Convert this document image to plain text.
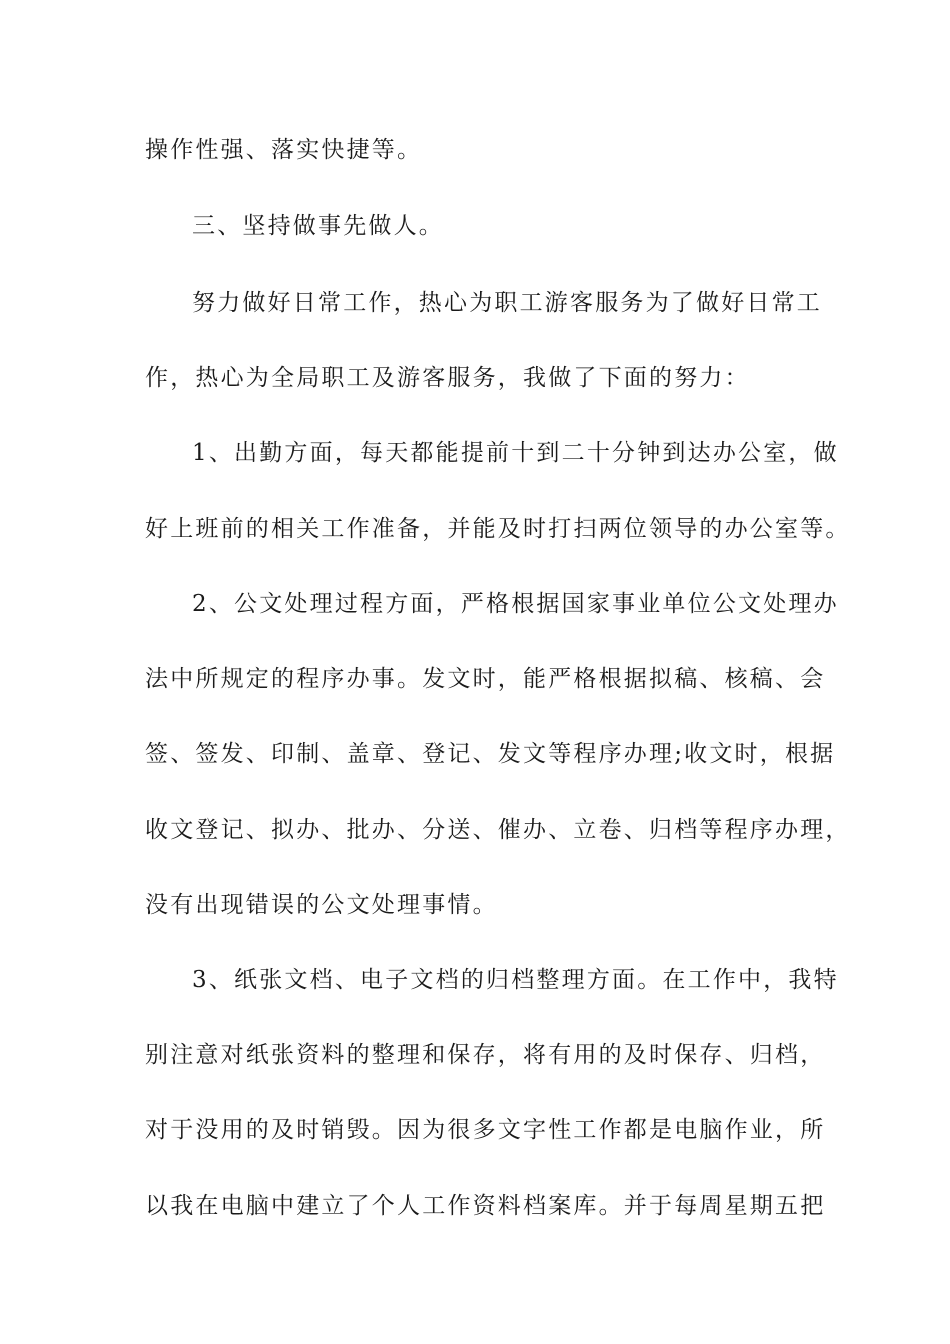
操作性强、落实快捷等。
三、坚持做事先做人。
努力做好日常工作，热心为职工游客服务为了做好日常工
作，热心为全局职工及游客服务，我做了下面的努力：
1、出勤方面，每天都能提前十到二十分钟到达办公室，做
好上班前的相关工作准备，并能及时打扫两位领导的办公室等。
2、公文处理过程方面，严格根据国家事业单位公文处理办
法中所规定的程序办事。发文时，能严格根据拟稿、核稿、会
签、签发、印制、盖章、登记、发文等程序办理;收文时，根据
收文登记、拟办、批办、分送、催办、立卷、归档等程序办理，
没有出现错误的公文处理事情。
3、纸张文档、电子文档的归档整理方面。在工作中，我特
别注意对纸张资料的整理和保存，将有用的及时保存、归档，
对于没用的及时销毁。因为很多文字性工作都是电脑作业，所
以我在电脑中建立了个人工作资料档案库。并于每周星期五把
